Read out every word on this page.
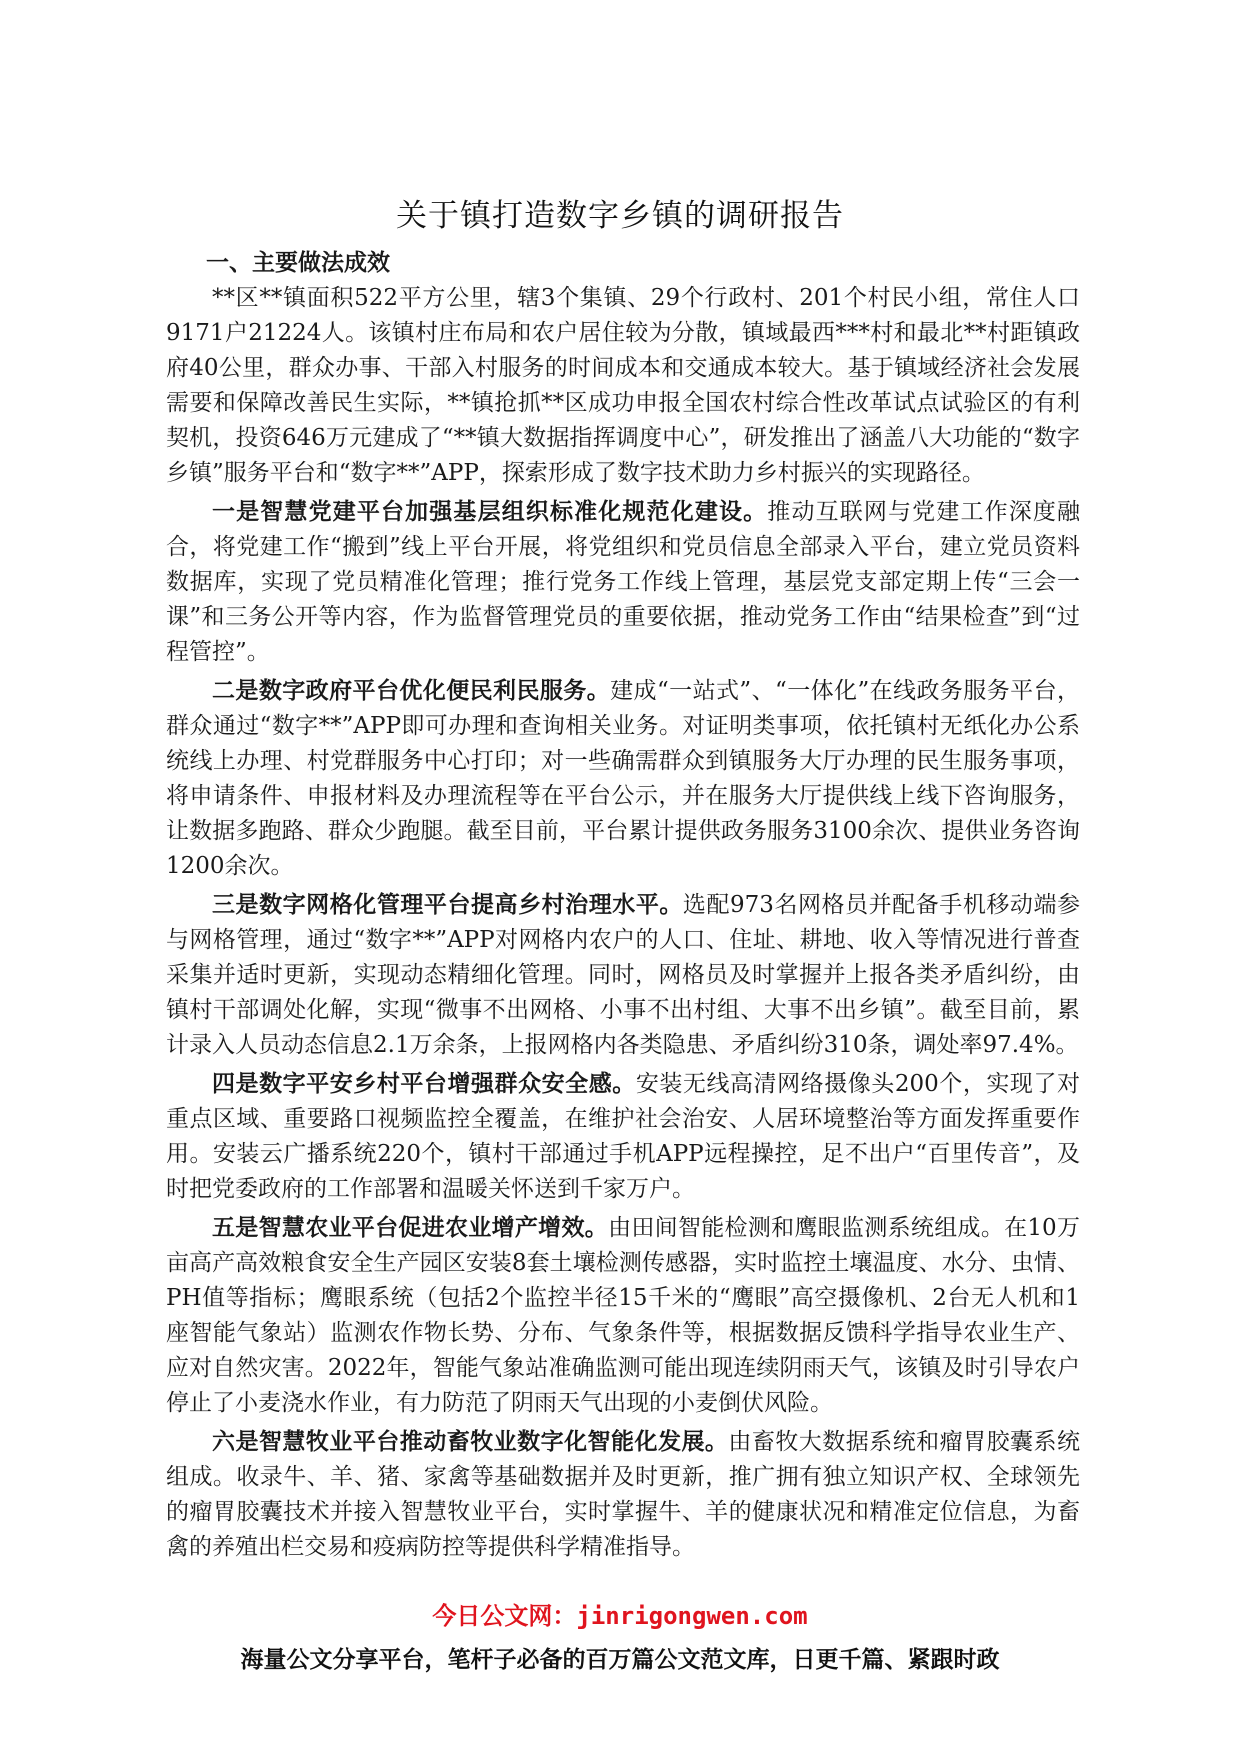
关于镇打造数字乡镇的调研报告

一、主要做法成效

**区**镇面积522平方公里，辖3个集镇、29个行政村、201个村民小组，常住人口9171户21224人。该镇村庄布局和农户居住较为分散，镇域最西***村和最北**村距镇政府40公里，群众办事、干部入村服务的时间成本和交通成本较大。基于镇域经济社会发展需要和保障改善民生实际，**镇抢抓**区成功申报全国农村综合性改革试点试验区的有利契机，投资646万元建成了“**镇大数据指挥调度中心”，研发推出了涵盖八大功能的“数字乡镇”服务平台和“数字**”APP，探索形成了数字技术助力乡村振兴的实现路径。

一是智慧党建平台加强基层组织标准化规范化建设。推动互联网与党建工作深度融合，将党建工作“搬到”线上平台开展，将党组织和党员信息全部录入平台，建立党员资料数据库，实现了党员精准化管理；推行党务工作线上管理，基层党支部定期上传“三会一课”和三务公开等内容，作为监督管理党员的重要依据，推动党务工作由“结果检查”到“过程管控”。

二是数字政府平台优化便民利民服务。建成“一站式”、“一体化”在线政务服务平台，群众通过“数字**”APP即可办理和查询相关业务。对证明类事项，依托镇村无纸化办公系统线上办理、村党群服务中心打印；对一些确需群众到镇服务大厅办理的民生服务事项，将申请条件、申报材料及办理流程等在平台公示，并在服务大厅提供线上线下咨询服务，让数据多跑路、群众少跑腿。截至目前，平台累计提供政务服务3100余次、提供业务咨询1200余次。

三是数字网格化管理平台提高乡村治理水平。选配973名网格员并配备手机移动端参与网格管理，通过“数字**”APP对网格内农户的人口、住址、耕地、收入等情况进行普查采集并适时更新，实现动态精细化管理。同时，网格员及时掌握并上报各类矛盾纠纷，由镇村干部调处化解，实现“微事不出网格、小事不出村组、大事不出乡镇”。截至目前，累计录入人员动态信息2.1万余条，上报网格内各类隐患、矛盾纠纷310条，调处率97.4%。

四是数字平安乡村平台增强群众安全感。安装无线高清网络摄像头200个，实现了对重点区域、重要路口视频监控全覆盖，在维护社会治安、人居环境整治等方面发挥重要作用。安装云广播系统220个，镇村干部通过手机APP远程操控，足不出户“百里传音”，及时把党委政府的工作部署和温暖关怀送到千家万户。

五是智慧农业平台促进农业增产增效。由田间智能检测和鹰眼监测系统组成。在10万亩高产高效粮食安全生产园区安装8套土壤检测传感器，实时监控土壤温度、水分、虫情、PH值等指标；鹰眼系统（包括2个监控半径15千米的“鹰眼”高空摄像机、2台无人机和1座智能气象站）监测农作物长势、分布、气象条件等，根据数据反馈科学指导农业生产、应对自然灾害。2022年，智能气象站准确监测可能出现连续阴雨天气，该镇及时引导农户停止了小麦浇水作业，有力防范了阴雨天气出现的小麦倒伏风险。

六是智慧牧业平台推动畜牧业数字化智能化发展。由畜牧大数据系统和瘤胃胶囊系统组成。收录牛、羊、猪、家禽等基础数据并及时更新，推广拥有独立知识产权、全球领先的瘤胃胶囊技术并接入智慧牧业平台，实时掌握牛、羊的健康状况和精准定位信息，为畜禽的养殖出栏交易和疫病防控等提供科学精准指导。

今日公文网：jinrigongwen.com
海量公文分享平台，笔杆子必备的百万篇公文范文库，日更千篇、紧跟时政
